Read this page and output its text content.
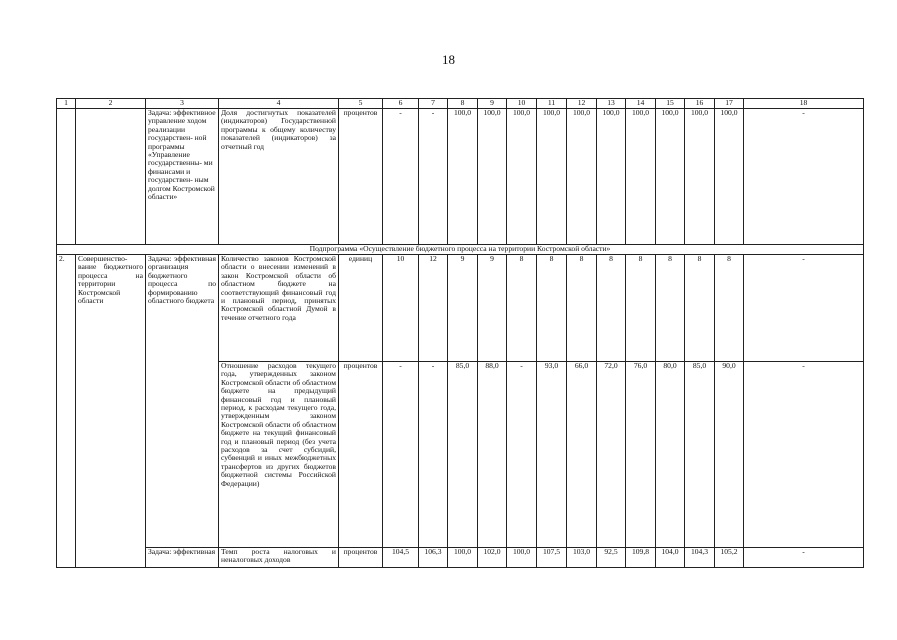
18
1	2	3	4	5	6	7	8	9	10	11	12	13	14	15	16	17	18
		Задача: эффективное управление ходом реализации государствен- ной программы «Управление государственны- ми финансами и государствен- ным долгом Костромской области»	Доля достигнутых показателей (индикаторов) Государственной программы к общему количеству показателей (индикаторов) за отчетный год	процентов	-	-	100,0	100,0	100,0	100,0	100,0	100,0	100,0	100,0	100,0	100,0	-
Подпрограмма «Осуществление бюджетного процесса на территории Костромской области»																	
2.	Совершенство- вание бюджетного процесса на территории Костромской области	Задача: эффективная организация бюджетного процесса по формированию областного бюджета	Количество законов Костромской области о внесении изменений в закон Костромской области об областном бюджете на соответствующий финансовый год и плановый период, принятых Костромской областной Думой в течение отчетного года	единиц	10	12	9	9	8	8	8	8	8	8	8	8	-
			Отношение расходов текущего года, утвержденных законом Костромской области об областном бюджете на предыдущий финансовый год и плановый период, к расходам текущего года, утвержденным законом Костромской области об областном бюджете на текущий финансовый год и плановый период (без учета расходов за счет субсидий, субвенций и иных межбюджетных трансфертов из других бюджетов бюджетной системы Российской Федерации)	процентов	-	-	85,0	88,0	-	93,0	66,0	72,0	76,0	80,0	85,0	90,0	-
		Задача: эффективная	Темп роста налоговых и неналоговых доходов	процентов	104,5	106,3	100,0	102,0	100,0	107,5	103,0	92,5	109,8	104,0	104,3	105,2	-
